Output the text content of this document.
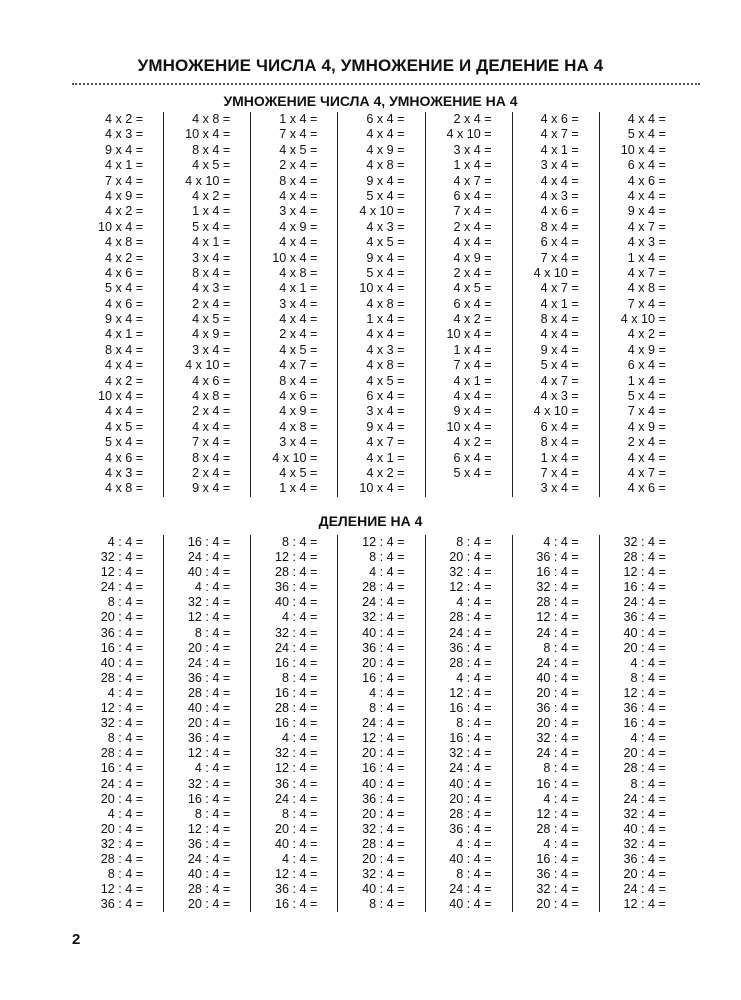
УМНОЖЕНИЕ ЧИСЛА 4, УМНОЖЕНИЕ И ДЕЛЕНИЕ НА 4
УМНОЖЕНИЕ ЧИСЛА 4, УМНОЖЕНИЕ НА 4
4 x 2 =
4 x 3 =
9 x 4 =
4 x 1 =
7 x 4 =
4 x 9 =
4 x 2 =
10 x 4 =
4 x 8 =
4 x 2 =
4 x 6 =
5 x 4 =
4 x 6 =
9 x 4 =
4 x 1 =
8 x 4 =
4 x 4 =
4 x 2 =
10 x 4 =
4 x 4 =
4 x 5 =
5 x 4 =
4 x 6 =
4 x 3 =
4 x 8 =
4 x 8 =
10 x 4 =
8 x 4 =
4 x 5 =
4 x 10 =
4 x 2 =
1 x 4 =
5 x 4 =
4 x 1 =
3 x 4 =
8 x 4 =
4 x 3 =
2 x 4 =
4 x 5 =
4 x 9 =
3 x 4 =
4 x 10 =
4 x 6 =
4 x 8 =
2 x 4 =
4 x 4 =
7 x 4 =
8 x 4 =
2 x 4 =
9 x 4 =
1 x 4 =
7 x 4 =
4 x 5 =
2 x 4 =
8 x 4 =
4 x 4 =
3 x 4 =
4 x 9 =
4 x 4 =
10 x 4 =
4 x 8 =
4 x 1 =
3 x 4 =
4 x 4 =
2 x 4 =
4 x 5 =
4 x 7 =
8 x 4 =
4 x 6 =
4 x 9 =
4 x 8 =
3 x 4 =
4 x 10 =
4 x 5 =
1 x 4 =
6 x 4 =
4 x 4 =
4 x 9 =
4 x 8 =
9 x 4 =
5 x 4 =
4 x 10 =
4 x 3 =
4 x 5 =
9 x 4 =
5 x 4 =
10 x 4 =
4 x 8 =
1 x 4 =
4 x 4 =
4 x 3 =
4 x 8 =
4 x 5 =
6 x 4 =
3 x 4 =
9 x 4 =
4 x 7 =
4 x 1 =
4 x 2 =
10 x 4 =
2 x 4 =
4 x 10 =
3 x 4 =
1 x 4 =
4 x 7 =
6 x 4 =
7 x 4 =
2 x 4 =
4 x 4 =
4 x 9 =
2 x 4 =
4 x 5 =
6 x 4 =
4 x 2 =
10 x 4 =
1 x 4 =
7 x 4 =
4 x 1 =
4 x 4 =
9 x 4 =
10 x 4 =
4 x 2 =
6 x 4 =
5 x 4 =
4 x 6 =
4 x 7 =
4 x 1 =
3 x 4 =
4 x 4 =
4 x 3 =
4 x 6 =
8 x 4 =
6 x 4 =
7 x 4 =
4 x 10 =
4 x 7 =
4 x 1 =
8 x 4 =
4 x 4 =
9 x 4 =
5 x 4 =
4 x 7 =
4 x 3 =
4 x 10 =
6 x 4 =
8 x 4 =
1 x 4 =
7 x 4 =
3 x 4 =
4 x 4 =
5 x 4 =
10 x 4 =
6 x 4 =
4 x 6 =
4 x 4 =
9 x 4 =
4 x 7 =
4 x 3 =
1 x 4 =
4 x 7 =
4 x 8 =
7 x 4 =
4 x 10 =
4 x 2 =
4 x 9 =
6 x 4 =
1 x 4 =
5 x 4 =
7 x 4 =
4 x 9 =
2 x 4 =
4 x 4 =
4 x 7 =
4 x 6 =
ДЕЛЕНИЕ НА 4
4 : 4 =
32 : 4 =
12 : 4 =
24 : 4 =
8 : 4 =
20 : 4 =
36 : 4 =
16 : 4 =
40 : 4 =
28 : 4 =
4 : 4 =
12 : 4 =
32 : 4 =
8 : 4 =
28 : 4 =
16 : 4 =
24 : 4 =
20 : 4 =
4 : 4 =
20 : 4 =
32 : 4 =
28 : 4 =
8 : 4 =
12 : 4 =
36 : 4 =
16 : 4 =
24 : 4 =
40 : 4 =
4 : 4 =
32 : 4 =
12 : 4 =
8 : 4 =
20 : 4 =
24 : 4 =
36 : 4 =
28 : 4 =
40 : 4 =
20 : 4 =
36 : 4 =
12 : 4 =
4 : 4 =
32 : 4 =
16 : 4 =
8 : 4 =
12 : 4 =
36 : 4 =
24 : 4 =
40 : 4 =
28 : 4 =
20 : 4 =
8 : 4 =
12 : 4 =
28 : 4 =
36 : 4 =
40 : 4 =
4 : 4 =
32 : 4 =
24 : 4 =
16 : 4 =
8 : 4 =
16 : 4 =
28 : 4 =
16 : 4 =
4 : 4 =
32 : 4 =
12 : 4 =
36 : 4 =
24 : 4 =
8 : 4 =
20 : 4 =
40 : 4 =
4 : 4 =
12 : 4 =
36 : 4 =
16 : 4 =
12 : 4 =
8 : 4 =
4 : 4 =
28 : 4 =
24 : 4 =
32 : 4 =
40 : 4 =
36 : 4 =
20 : 4 =
16 : 4 =
4 : 4 =
8 : 4 =
24 : 4 =
12 : 4 =
20 : 4 =
16 : 4 =
40 : 4 =
36 : 4 =
20 : 4 =
32 : 4 =
28 : 4 =
20 : 4 =
32 : 4 =
40 : 4 =
8 : 4 =
8 : 4 =
20 : 4 =
32 : 4 =
12 : 4 =
4 : 4 =
28 : 4 =
24 : 4 =
36 : 4 =
28 : 4 =
4 : 4 =
12 : 4 =
16 : 4 =
8 : 4 =
16 : 4 =
32 : 4 =
24 : 4 =
40 : 4 =
20 : 4 =
28 : 4 =
36 : 4 =
4 : 4 =
40 : 4 =
8 : 4 =
24 : 4 =
40 : 4 =
4 : 4 =
36 : 4 =
16 : 4 =
32 : 4 =
28 : 4 =
12 : 4 =
24 : 4 =
8 : 4 =
24 : 4 =
40 : 4 =
20 : 4 =
36 : 4 =
20 : 4 =
32 : 4 =
24 : 4 =
8 : 4 =
16 : 4 =
4 : 4 =
12 : 4 =
28 : 4 =
4 : 4 =
16 : 4 =
36 : 4 =
32 : 4 =
20 : 4 =
32 : 4 =
28 : 4 =
12 : 4 =
16 : 4 =
24 : 4 =
36 : 4 =
40 : 4 =
20 : 4 =
4 : 4 =
8 : 4 =
12 : 4 =
36 : 4 =
16 : 4 =
4 : 4 =
20 : 4 =
28 : 4 =
8 : 4 =
24 : 4 =
32 : 4 =
40 : 4 =
32 : 4 =
36 : 4 =
20 : 4 =
24 : 4 =
12 : 4 =
2
